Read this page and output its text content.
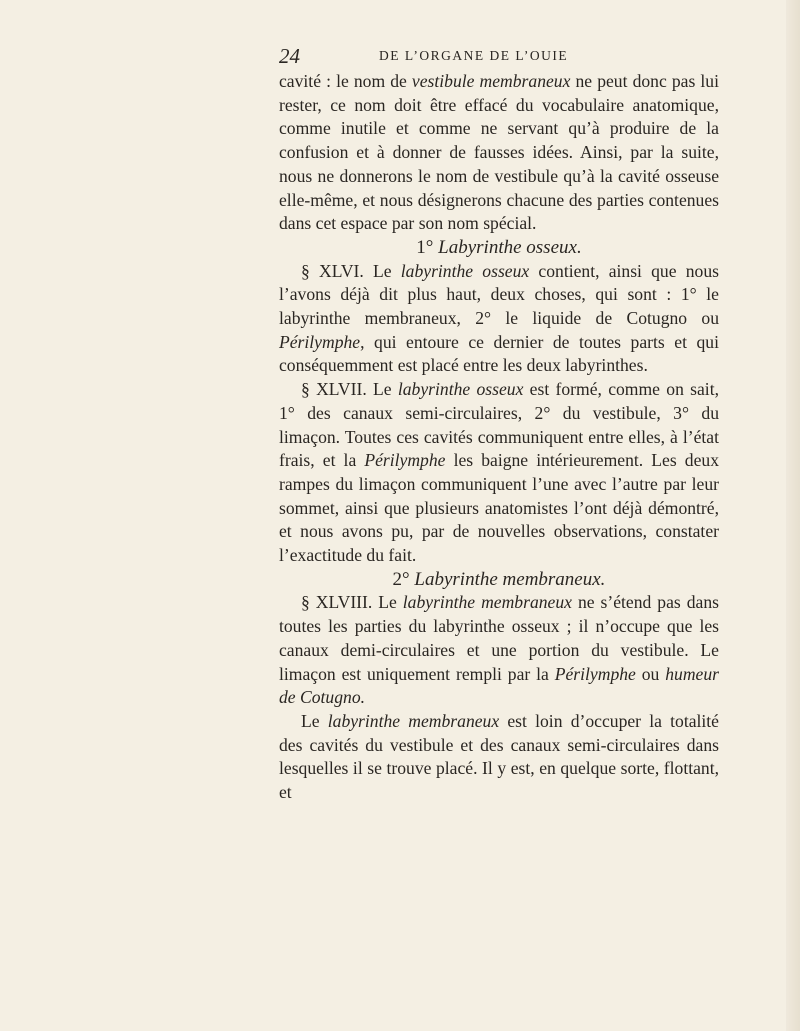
24	DE L’ORGANE DE L’OUIE

cavité : le nom de vestibule membraneux ne peut donc pas lui rester, ce nom doit être effacé du vocabulaire anatomique, comme inutile et comme ne servant qu’à produire de la confusion et à donner de fausses idées. Ainsi, par la suite, nous ne donnerons le nom de vestibule qu’à la cavité osseuse elle-même, et nous désignerons chacune des parties contenues dans cet espace par son nom spécial.

1° Labyrinthe osseux.

§ XLVI. Le labyrinthe osseux contient, ainsi que nous l’avons déjà dit plus haut, deux choses, qui sont : 1° le labyrinthe membraneux, 2° le liquide de Cotugno ou Périlymphe, qui entoure ce dernier de toutes parts et qui conséquemment est placé entre les deux labyrinthes.

§ XLVII. Le labyrinthe osseux est formé, comme on sait, 1° des canaux semi-circulaires, 2° du vestibule, 3° du limaçon. Toutes ces cavités communiquent entre elles, à l’état frais, et la Périlymphe les baigne intérieurement. Les deux rampes du limaçon communiquent l’une avec l’autre par leur sommet, ainsi que plusieurs anatomistes l’ont déjà démontré, et nous avons pu, par de nouvelles observations, constater l’exactitude du fait.

2° Labyrinthe membraneux.

§ XLVIII. Le labyrinthe membraneux ne s’étend pas dans toutes les parties du labyrinthe osseux ; il n’occupe que les canaux demi-circulaires et une portion du vestibule. Le limaçon est uniquement rempli par la Périlymphe ou humeur de Cotugno.

Le labyrinthe membraneux est loin d’occuper la totalité des cavités du vestibule et des canaux semi-circulaires dans lesquelles il se trouve placé. Il y est, en quelque sorte, flottant, et
